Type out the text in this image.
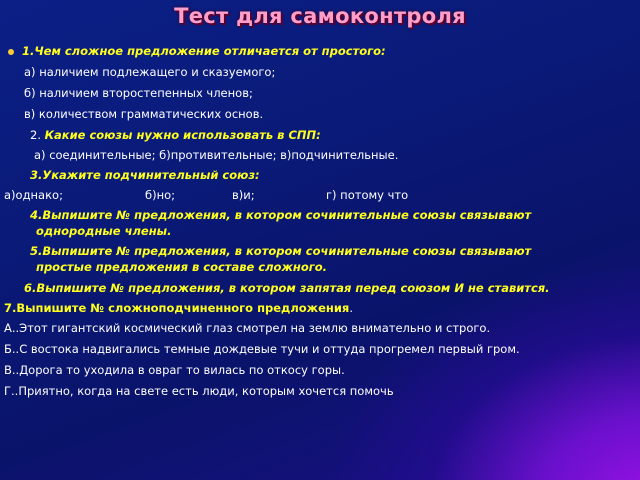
Тест для самоконтроля
1.Чем сложное предложение отличается от простого:
а) наличием подлежащего и сказуемого;
б) наличием второстепенных членов;
в) количеством грамматических основ.
2. Какие союзы нужно использовать в СПП:
а) соединительные; б)противительные; в)подчинительные.
3.Укажите подчинительный союз:
а)однако;	б)но;	в)и;	г) потому что
4.Выпишите № предложения, в котором сочинительные союзы связывают
однородные члены.
5.Выпишите № предложения, в котором сочинительные союзы связывают
простые предложения в составе сложного.
6.Выпишите № предложения, в котором запятая перед союзом И не ставится.
7.Выпишите № сложноподчиненного предложения.
А..Этот гигантский космический глаз смотрел на землю внимательно и строго.
Б..С востока надвигались темные дождевые тучи и оттуда прогремел первый гром.
В..Дорога то уходила в овраг то вилась по откосу горы.
Г..Приятно, когда на свете есть люди, которым хочется помочь
